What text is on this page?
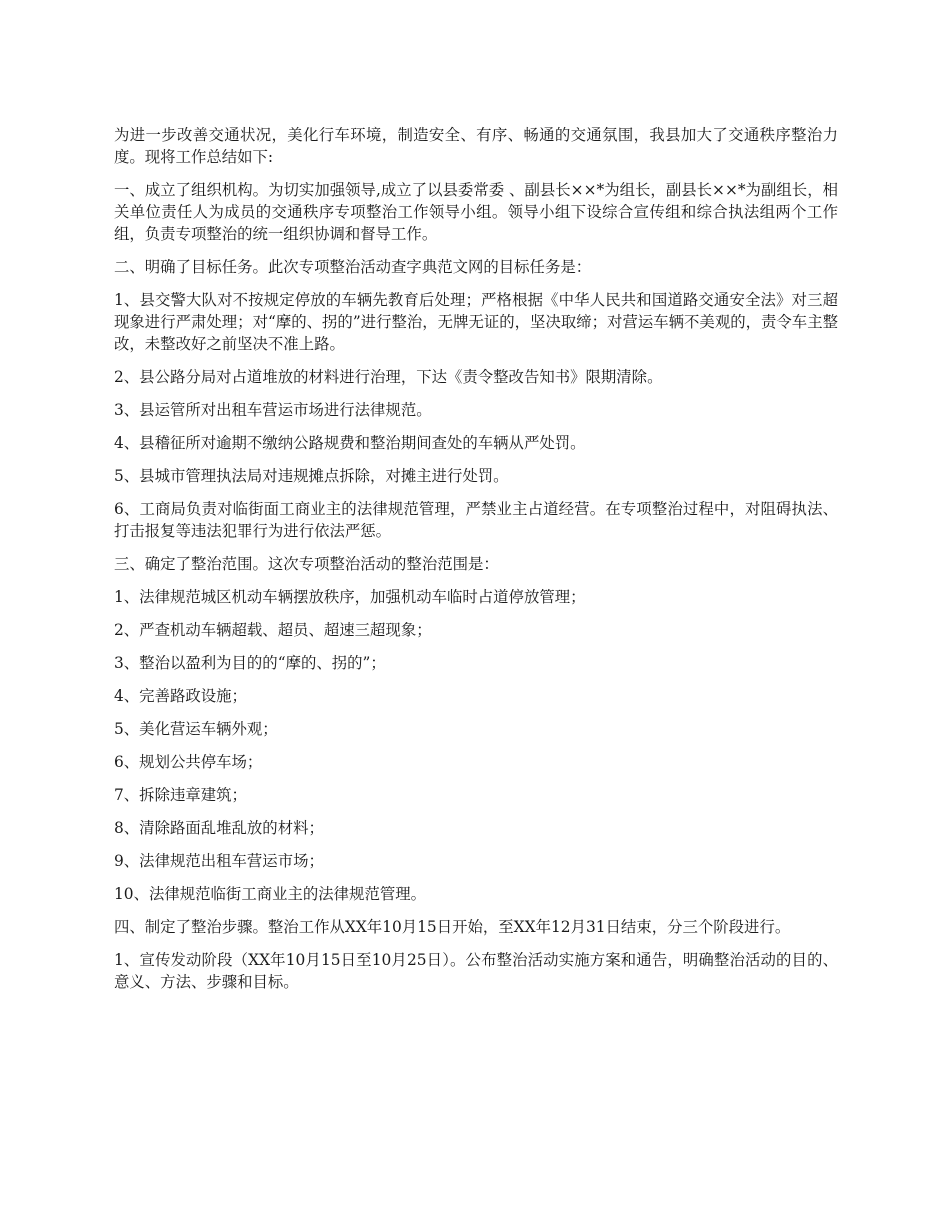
为进一步改善交通状况，美化行车环境，制造安全、有序、畅通的交通氛围，我县加大了交通秩序整治力度。现将工作总结如下:

一、成立了组织机构。为切实加强领导,成立了以县委常委 、副县长××*为组长，副县长××*为副组长，相关单位责任人为成员的交通秩序专项整治工作领导小组。领导小组下设综合宣传组和综合执法组两个工作组，负责专项整治的统一组织协调和督导工作。

二、明确了目标任务。此次专项整治活动查字典范文网的目标任务是：

1、县交警大队对不按规定停放的车辆先教育后处理；严格根据《中华人民共和国道路交通安全法》对三超现象进行严肃处理；对“摩的、拐的”进行整治，无牌无证的，坚决取缔；对营运车辆不美观的，责令车主整改，未整改好之前坚决不准上路。

2、县公路分局对占道堆放的材料进行治理，下达《责令整改告知书》限期清除。

3、县运管所对出租车营运市场进行法律规范。

4、县稽征所对逾期不缴纳公路规费和整治期间查处的车辆从严处罚。

5、县城市管理执法局对违规摊点拆除，对摊主进行处罚。

6、工商局负责对临街面工商业主的法律规范管理，严禁业主占道经营。在专项整治过程中，对阻碍执法、打击报复等违法犯罪行为进行依法严惩。

三、确定了整治范围。这次专项整治活动的整治范围是：

1、法律规范城区机动车辆摆放秩序，加强机动车临时占道停放管理；

2、严查机动车辆超载、超员、超速三超现象；

3、整治以盈利为目的的“摩的、拐的”；

4、完善路政设施；

5、美化营运车辆外观；

6、规划公共停车场；

7、拆除违章建筑；

8、清除路面乱堆乱放的材料；

9、法律规范出租车营运市场；

10、法律规范临街工商业主的法律规范管理。

四、制定了整治步骤。整治工作从XX年10月15日开始，至XX年12月31日结束，分三个阶段进行。

1、宣传发动阶段（XX年10月15日至10月25日）。公布整治活动实施方案和通告，明确整治活动的目的、意义、方法、步骤和目标。
